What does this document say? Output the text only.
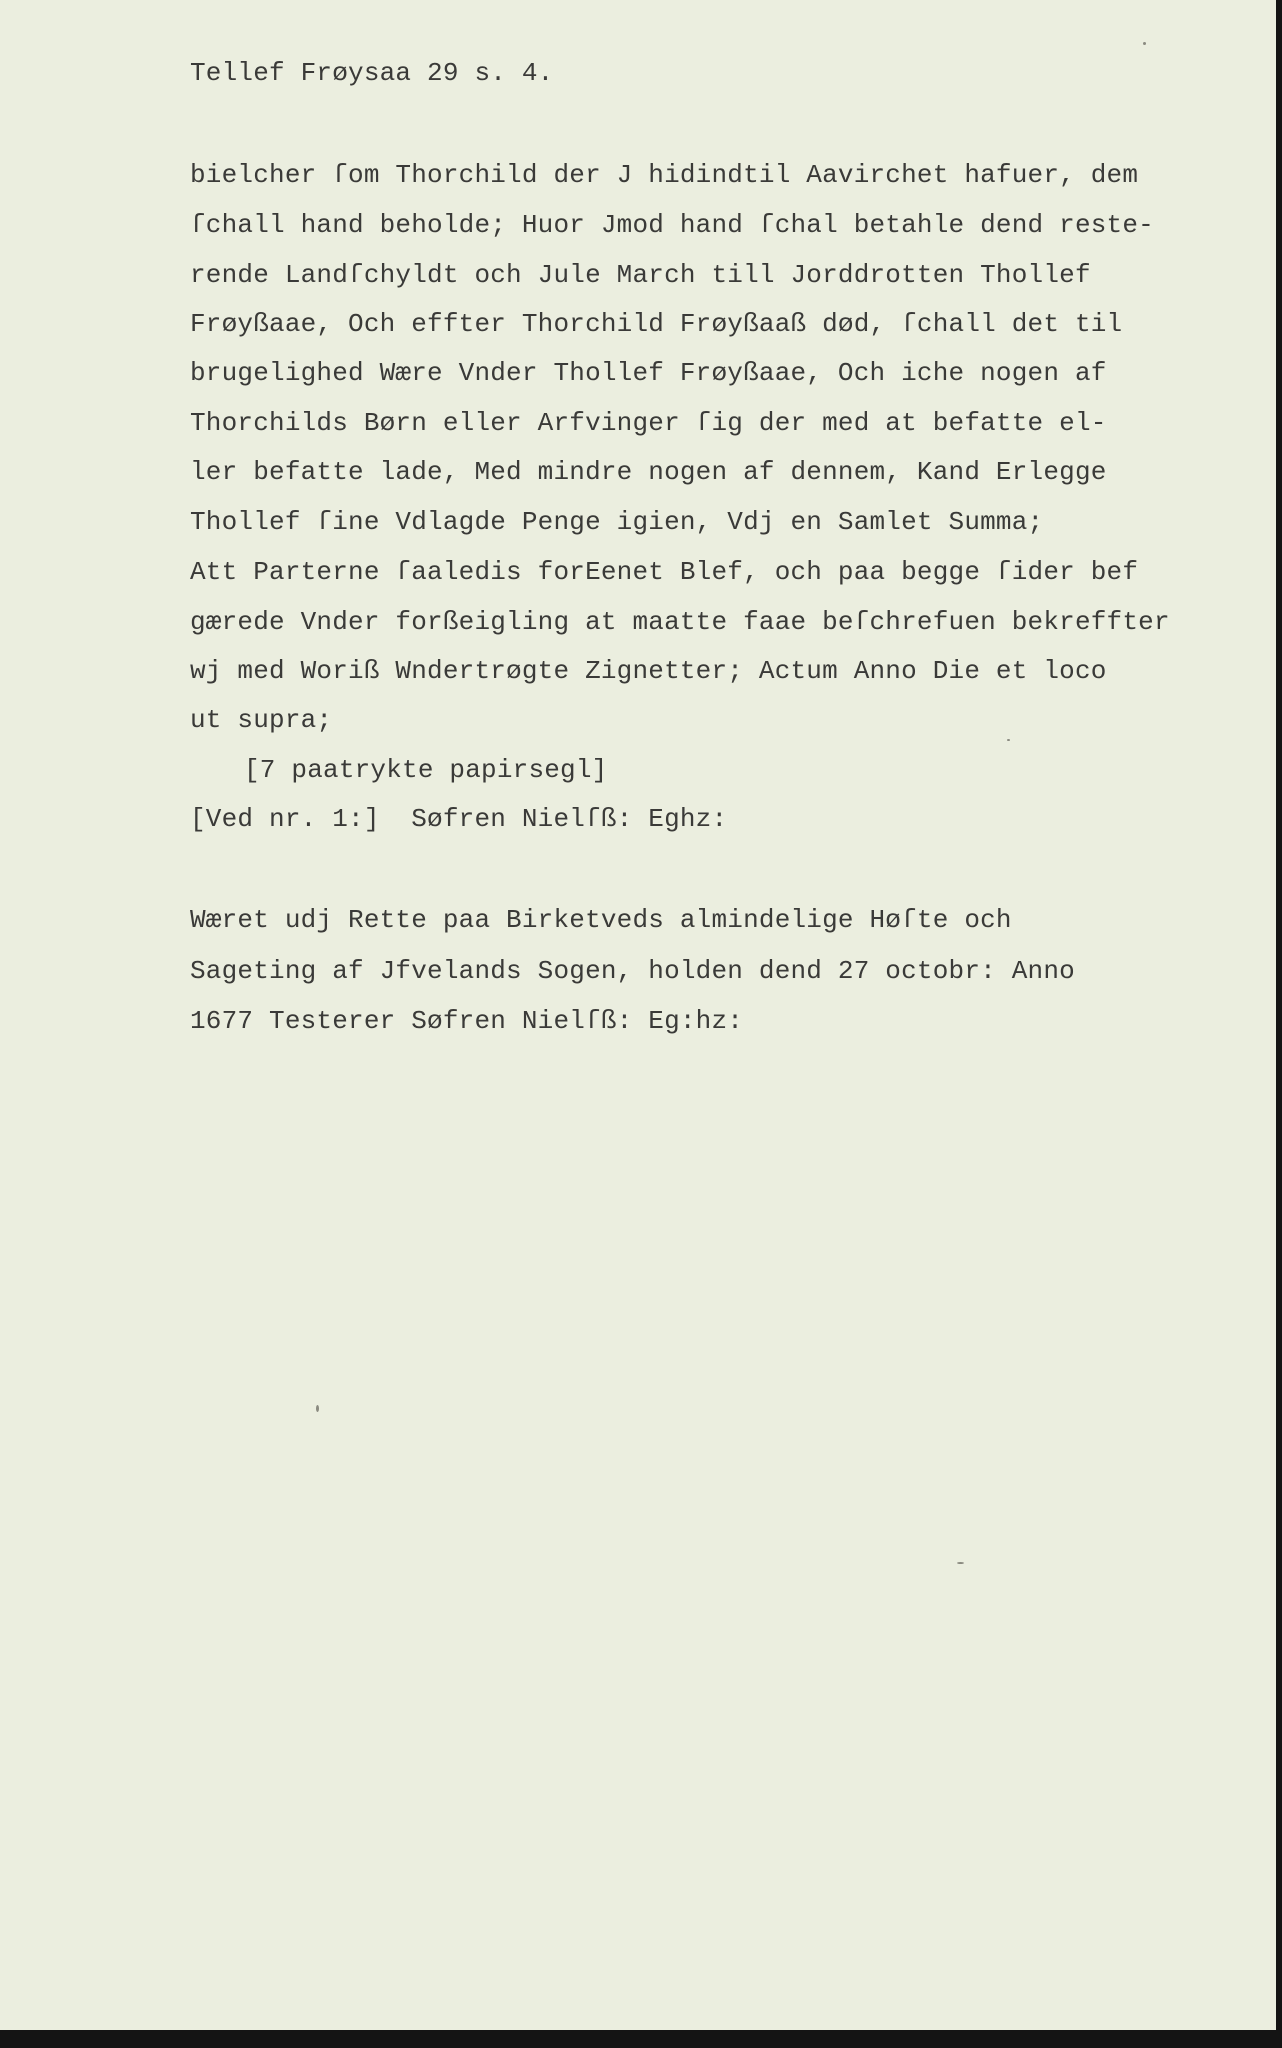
Tellef Frøysaa 29 s. 4.

bielcher ſom Thorchild der J hidindtil Aavirchet hafuer, dem

ſchall hand beholde; Huor Jmod hand ſchal betahle dend reste-

rende Landſchyldt och Jule March till Jorddrotten Thollef

Frøyßaae, Och effter Thorchild Frøyßaaß død, ſchall det til

brugelighed Wære Vnder Thollef Frøyßaae, Och iche nogen af

Thorchilds Børn eller Arfvinger ſig der med at befatte el-

ler befatte lade, Med mindre nogen af dennem, Kand Erlegge

Thollef ſine Vdlagde Penge igien, Vdj en Samlet Summa;

Att Parterne ſaaledis forEenet Blef, och paa begge ſider bef

gærede Vnder forßeigling at maatte faae beſchrefuen bekreffter

wj med Woriß Wndertrøgte Zignetter; Actum Anno Die et loco

ut supra;

[7 paatrykte papirsegl]

[Ved nr. 1:]  Søfren Nielſß: Eghz:

Wæret udj Rette paa Birketveds almindelige Høſte och

Sageting af Jfvelands Sogen, holden dend 27 octobr: Anno

1677 Testerer Søfren Nielſß: Eg:hz:
